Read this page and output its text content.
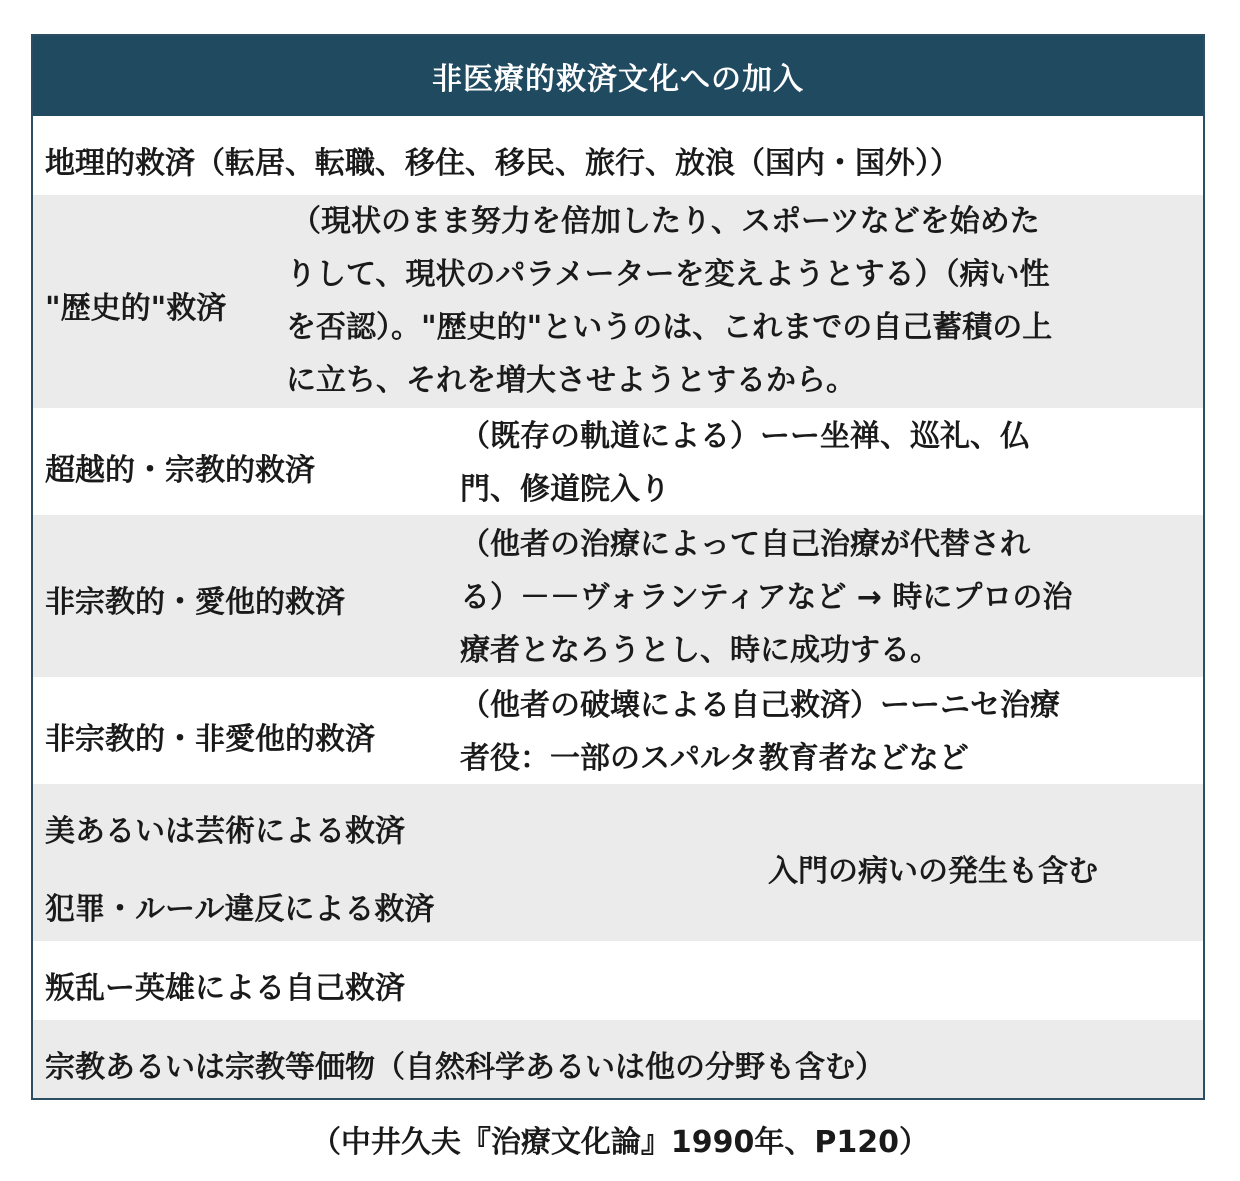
非医療的救済文化への加入
地理的救済（転居、転職、移住、移民、旅行、放浪（国内・国外））
"歴史的"救済
（現状のまま努力を倍加したり、スポーツなどを始めた
りして、現状のパラメーターを変えようとする）（病い性
を否認）。"歴史的"というのは、これまでの自己蓄積の上
に立ち、それを増大させようとするから。
超越的・宗教的救済
（既存の軌道による）ーー坐禅、巡礼、仏
門、修道院入り
非宗教的・愛他的救済
（他者の治療によって自己治療が代替され
る）－－ヴォランティアなど → 時にプロの治
療者となろうとし、時に成功する。
非宗教的・非愛他的救済
（他者の破壊による自己救済）ーーニセ治療
者役：一部のスパルタ教育者などなど
美あるいは芸術による救済
犯罪・ルール違反による救済
入門の病いの発生も含む
叛乱ー英雄による自己救済
宗教あるいは宗教等価物（自然科学あるいは他の分野も含む）
（中井久夫『治療文化論』1990年、P120）
